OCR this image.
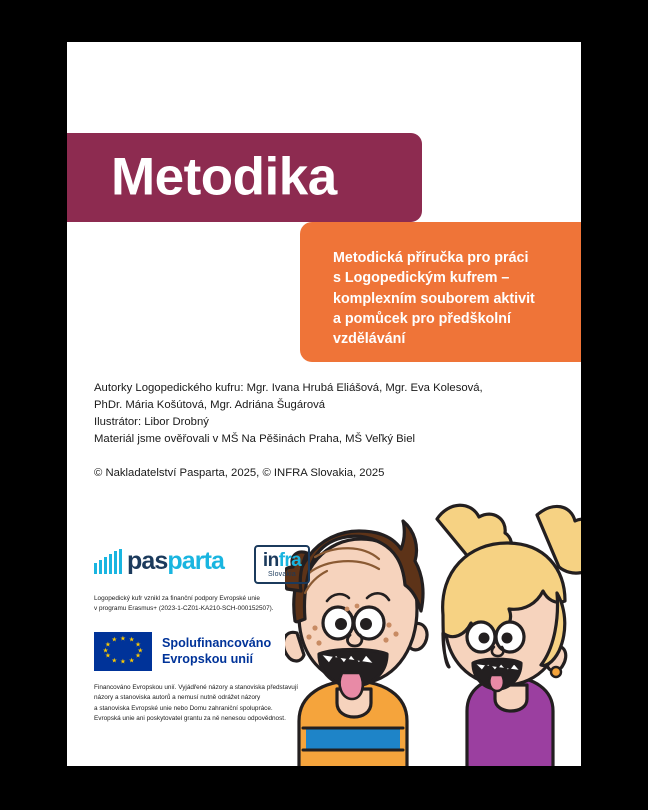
Metodika
Metodická příručka pro práci
s Logopedickým kufrem –
komplexním souborem aktivit
a pomůcek pro předškolní
vzdělávání
Autorky Logopedického kufru: Mgr. Ivana Hrubá Eliášová, Mgr. Eva Kolesová,
PhDr. Mária Košútová, Mgr. Adriána Šugárová
Ilustrátor: Libor Drobný
Materiál jsme ověřovali v MŠ Na Pěšinách Praha, MŠ Veľký Biel
© Nakladatelství Pasparta, 2025, © INFRA Slovakia, 2025
pas parta in fra
Slovakia
Logopedický kufr vznikl za finanční podpory Evropské unie
v programu Erasmus+ (2023-1-CZ01-KA210-SCH-000152507).
★ ★
★
★
★
★
★
★
★
★
★
★	Spolufinancováno
Evropskou unií
Financováno Evropskou unií. Vyjádřené názory a stanoviska představují
názory a stanoviska autorů a nemusí nutně odrážet názory
a stanoviska Evropské unie nebo Domu zahraniční spolupráce.
Evropská unie ani poskytovatel grantu za ně nenesou odpovědnost.
